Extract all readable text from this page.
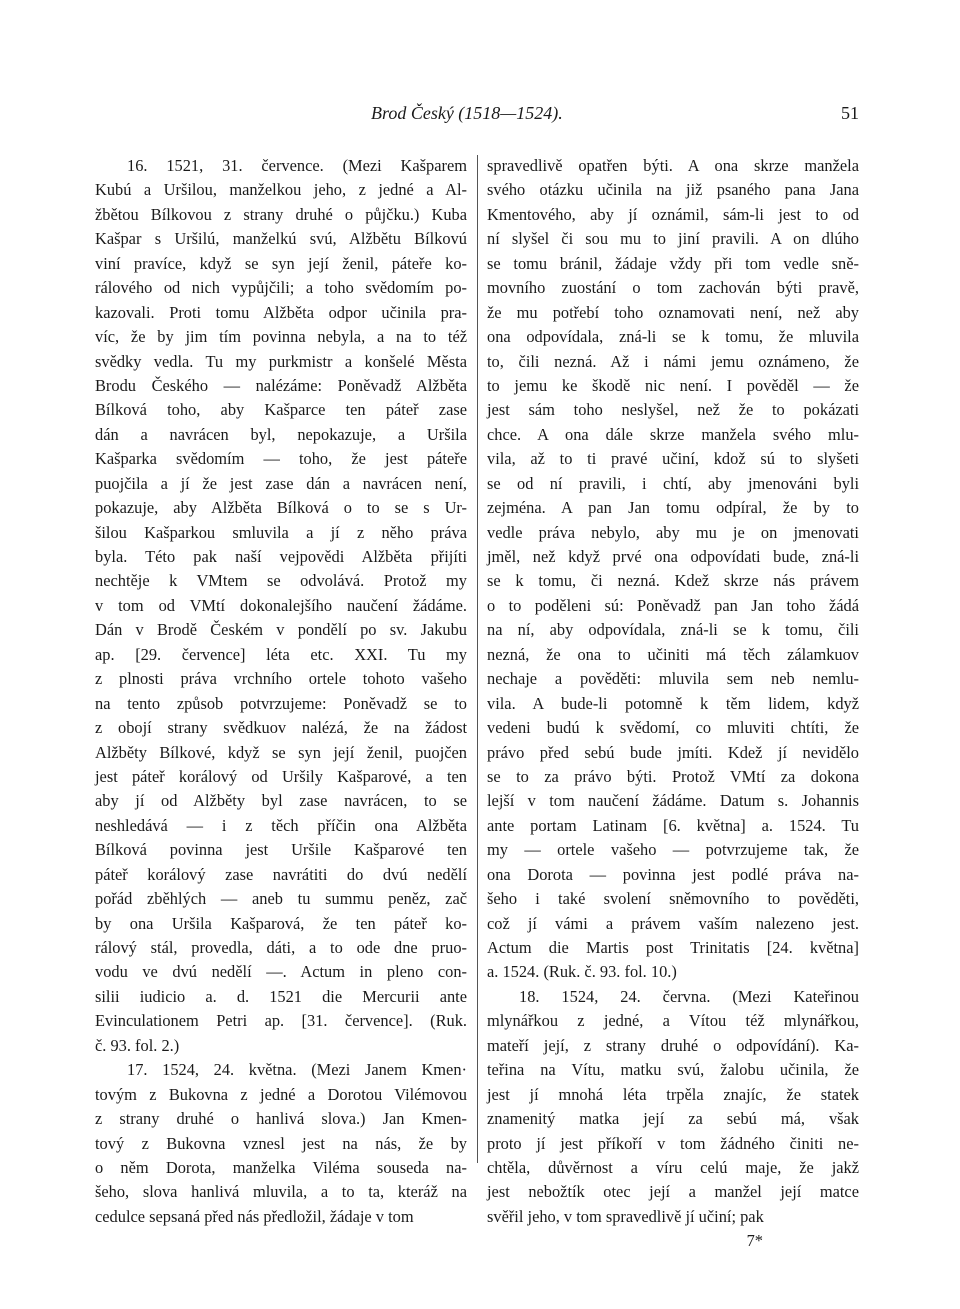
Brod Český (1518—1524).	51
16. 1521, 31. července. (Mezi Kašparem
Kubú a Uršilou, manželkou jeho, z jedné a Al-
žbětou Bílkovou z strany druhé o půjčku.) Kuba
Kašpar s Uršilú, manželkú svú, Alžbětu Bílkovú
viní pravíce, když se syn její ženil, páteře ko-
rálového od nich vypůjčili; a toho svědomím po-
kazovali. Proti tomu Alžběta odpor učinila pra-
víc, že by jim tím povinna nebyla, a na to též
svědky vedla. Tu my purkmistr a konšelé Města
Brodu Českého — nalézáme: Poněvadž Alžběta
Bílková toho, aby Kašparce ten páteř zase
dán a navrácen byl, nepokazuje, a Uršila
Kašparka svědomím — toho, že jest páteře
puojčila a jí že jest zase dán a navrácen není,
pokazuje, aby Alžběta Bílková o to se s Ur-
šilou Kašparkou smluvila a jí z něho práva
byla. Této pak naší vejpovědi Alžběta přijíti
nechtěje k VMtem se odvolává. Protož my
v tom od VMtí dokonalejšího naučení žádáme.
Dán v Brodě Českém v pondělí po sv. Jakubu
ap. [29. července] léta etc. XXI. Tu my
z plnosti práva vrchního ortele tohoto vašeho
na tento způsob potvrzujeme: Poněvadž se to
z obojí strany svědkuov nalézá, že na žádost
Alžběty Bílkové, když se syn její ženil, puojčen
jest páteř korálový od Uršily Kašparové, a ten
aby jí od Alžběty byl zase navrácen, to se
neshledává — i z těch příčin ona Alžběta
Bílková povinna jest Uršile Kašparové ten
páteř korálový zase navrátiti do dvú nedělí
pořád zběhlých — aneb tu summu peněz, zač
by ona Uršila Kašparová, že ten páteř ko-
rálový stál, provedla, dáti, a to ode dne pruo-
vodu ve dvú nedělí —. Actum in pleno con-
silii iudicio a. d. 1521 die Mercurii ante
Evinculationem Petri ap. [31. července]. (Ruk.
č. 93. fol. 2.)
17. 1524, 24. května. (Mezi Janem Kmen·
tovým z Bukovna z jedné a Dorotou Vilémovou
z strany druhé o hanlivá slova.) Jan Kmen-
tový z Bukovna vznesl jest na nás, že by
o něm Dorota, manželka Viléma souseda na-
šeho, slova hanlivá mluvila, a to ta, kteráž na
cedulce sepsaná před nás předložil, žádaje v tom
spravedlivě opatřen býti. A ona skrze manžela
svého otázku učinila na již psaného pana Jana
Kmentového, aby jí oznámil, sám-li jest to od
ní slyšel či sou mu to jiní pravili. A on dlúho
se tomu bránil, žádaje vždy při tom vedle sně-
movního zuostání o tom zachován býti pravě,
že mu potřebí toho oznamovati není, než aby
ona odpovídala, zná-li se k tomu, že mluvila
to, čili nezná. Až i námi jemu oznámeno, že
to jemu ke škodě nic není. I pověděl — že
jest sám toho neslyšel, než že to pokázati
chce. A ona dále skrze manžela svého mlu-
vila, až to ti pravé učiní, kdož sú to slyšeti
se od ní pravili, i chtí, aby jmenováni byli
zejména. A pan Jan tomu odpíral, že by to
vedle práva nebylo, aby mu je on jmenovati
jměl, než když prvé ona odpovídati bude, zná-li
se k tomu, či nezná. Kdež skrze nás právem
o to poděleni sú: Poněvadž pan Jan toho žádá
na ní, aby odpovídala, zná-li se k tomu, čili
nezná, že ona to učiniti má těch zálamkuov
nechaje a pověděti: mluvila sem neb nemlu-
vila. A bude-li potomně k těm lidem, když
vedeni budú k svědomí, co mluviti chtíti, že
právo před sebú bude jmíti. Kdež jí nevidělo
se to za právo býti. Protož VMtí za dokona
lejší v tom naučení žádáme. Datum s. Johannis
ante portam Latinam [6. května] a. 1524. Tu
my — ortele vašeho — potvrzujeme tak, že
ona Dorota — povinna jest podlé práva na-
šeho i také svolení sněmovního to pověděti,
což jí vámi a právem vaším nalezeno jest.
Actum die Martis post Trinitatis [24. května]
a. 1524. (Ruk. č. 93. fol. 10.)
18. 1524, 24. června. (Mezi Kateřinou
mlynářkou z jedné, a Vítou též mlynářkou,
mateří její, z strany druhé o odpovídání). Ka-
teřina na Vítu, matku svú, žalobu učinila, že
jest jí mnohá léta trpěla znajíc, že statek
znamenitý matka její za sebú má, však
proto jí jest příkoří v tom žádného činiti ne-
chtěla, důvěrnost a víru celú maje, že jakž
jest nebožtík otec její a manžel její matce
svěřil jeho, v tom spravedlivě jí učiní; pak
7*
